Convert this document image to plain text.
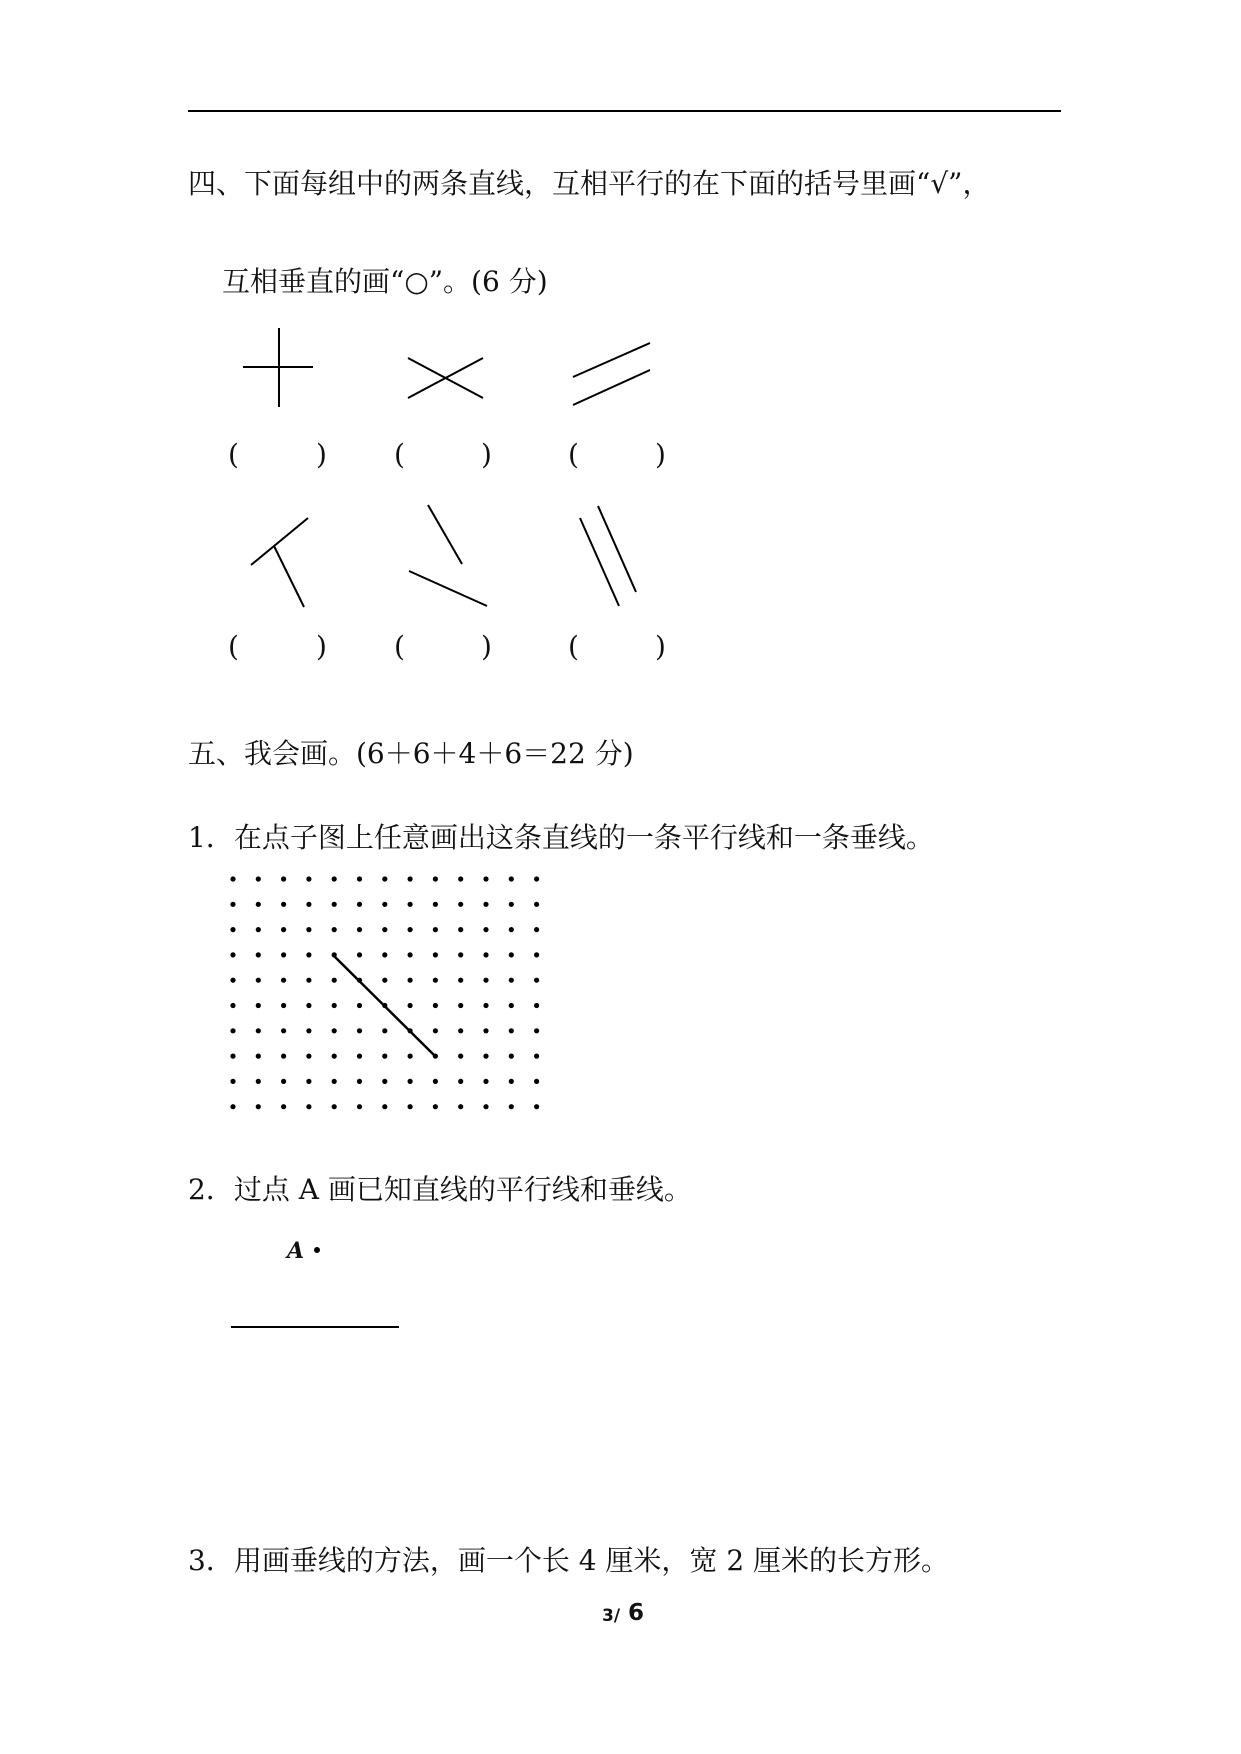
四、下面每组中的两条直线，互相平行的在下面的括号里画“√”，
互相垂直的画“○”。(6 分)
(	) (	)	(	)
(	) (	)	(	)
五、我会画。(6＋6＋4＋6＝22 分)
1．在点子图上任意画出这条直线的一条平行线和一条垂线。
2．过点 A 画已知直线的平行线和垂线。
A
3．用画垂线的方法，画一个长 4 厘米，宽 2 厘米的长方形。
3/ 6
